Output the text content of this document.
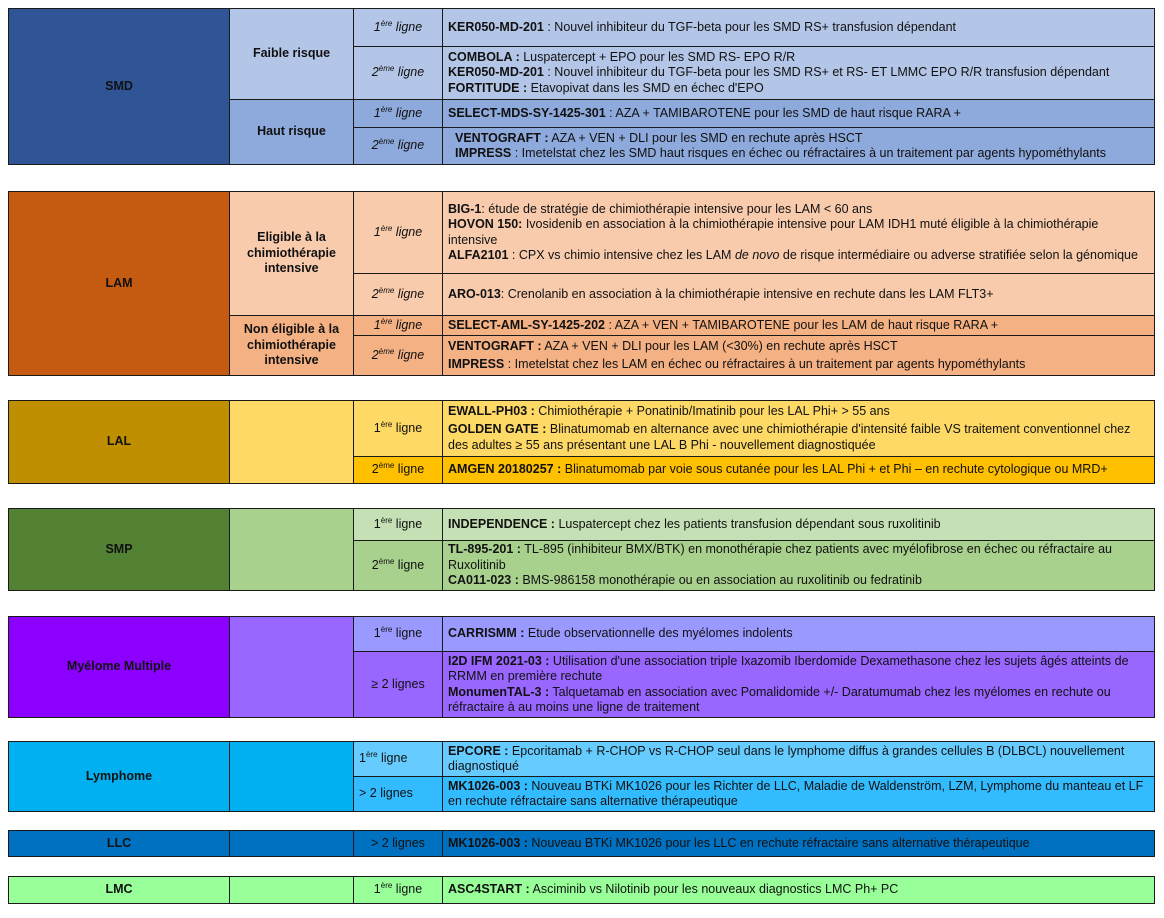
SMD	Faible risque	1ère ligne	KER050-MD-201 : Nouvel inhibiteur du TGF-beta pour les SMD RS+ transfusion dépendant

		2ème ligne	COMBOLA : Luspatercept + EPO pour les SMD RS- EPO R/R
KER050-MD-201 : Nouvel inhibiteur du TGF-beta pour les SMD RS+ et RS- ET LMMC EPO R/R transfusion dépendant
FORTITUDE : Etavopivat dans les SMD en échec d'EPO

	Haut risque	1ère ligne	SELECT-MDS-SY-1425-301 : AZA + TAMIBAROTENE pour les SMD de haut risque RARA +

		2ème ligne	VENTOGRAFT : AZA + VEN + DLI pour les SMD en rechute après HSCT
IMPRESS : Imetelstat chez les SMD haut risques en échec ou réfractaires à un traitement par agents hypométhylants
LAM	Eligible à la chimiothérapie intensive	1ère ligne	BIG-1: étude de stratégie de chimiothérapie intensive pour les LAM < 60 ans
HOVON 150: Ivosidenib en association à la chimiothérapie intensive pour LAM IDH1 muté éligible à la chimiothérapie intensive
ALFA2101 : CPX vs chimio intensive chez les LAM de novo de risque intermédiaire ou adverse stratifiée selon la génomique

		2ème ligne	ARO-013: Crenolanib en association à la chimiothérapie intensive en rechute dans les LAM FLT3+

	Non éligible à la chimiothérapie intensive	1ère ligne	SELECT-AML-SY-1425-202 : AZA + VEN + TAMIBAROTENE pour les LAM de haut risque RARA +

		2ème ligne	VENTOGRAFT : AZA + VEN + DLI pour les LAM (<30%) en rechute après HSCT
IMPRESS : Imetelstat chez les LAM en échec ou réfractaires à un traitement par agents hypométhylants
LAL		1ère ligne	EWALL-PH03 : Chimiothérapie + Ponatinib/Imatinib pour les LAL Phi+ > 55 ans
GOLDEN GATE : Blinatumomab en alternance avec une chimiothérapie d'intensité faible VS traitement conventionnel chez des adultes ≥ 55 ans présentant une LAL B Phi - nouvellement diagnostiquée

		2ème ligne	AMGEN 20180257 : Blinatumomab par voie sous cutanée pour les LAL Phi + et Phi – en rechute cytologique ou MRD+
SMP		1ère ligne	INDEPENDENCE : Luspatercept chez les patients transfusion dépendant sous ruxolitinib

		2ème ligne	TL-895-201 : TL-895 (inhibiteur BMX/BTK) en monothérapie chez patients avec myélofibrose en échec ou réfractaire au Ruxolitinib
CA011-023 : BMS-986158 monothérapie ou en association au ruxolitinib ou fedratinib
Myélome Multiple		1ère ligne	CARRISMM : Etude observationnelle des myélomes indolents

		≥ 2 lignes	I2D IFM 2021-03 : Utilisation d'une association triple Ixazomib Iberdomide Dexamethasone chez les sujets âgés atteints de RRMM en première rechute
MonumenTAL-3 : Talquetamab en association avec Pomalidomide +/- Daratumumab chez les myélomes en rechute ou réfractaire à au moins une ligne de traitement
Lymphome		1ère ligne	EPCORE : Epcoritamab + R-CHOP vs R-CHOP seul dans le lymphome diffus à grandes cellules B (DLBCL) nouvellement diagnostiqué

		> 2 lignes	MK1026-003 : Nouveau BTKi MK1026 pour les Richter de LLC, Maladie de Waldenström, LZM, Lymphome du manteau et LF en rechute réfractaire sans alternative thérapeutique
LLC		> 2 lignes	MK1026-003 : Nouveau BTKi MK1026 pour les LLC en rechute réfractaire sans alternative thérapeutique
LMC		1ère ligne	ASC4START : Asciminib vs Nilotinib pour les nouveaux diagnostics LMC Ph+ PC
